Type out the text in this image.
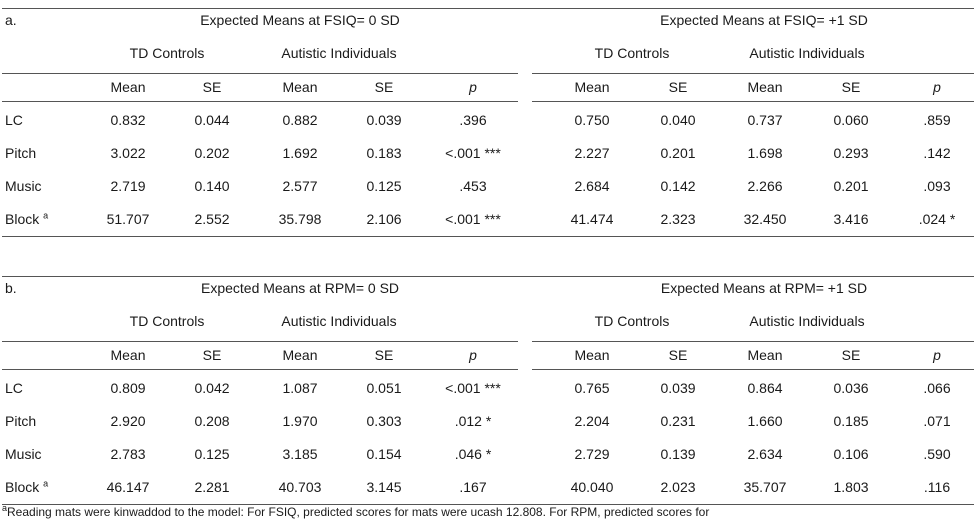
a.	Expected Means at FSIQ= 0 SD	Expected Means at FSIQ= +1 SD
TD Controls	Autistic Individuals	TD Controls	Autistic Individuals
Mean	SE	Mean	SE	p	Mean	SE	Mean	SE	p
LC	0.832	0.044	0.882	0.039	.396	0.750	0.040	0.737	0.060	.859
Pitch	3.022	0.202	1.692	0.183	<.001 ***	2.227	0.201	1.698	0.293	.142
Music	2.719	0.140	2.577	0.125	.453	2.684	0.142	2.266	0.201	.093
Block $^a$	51.707	2.552	35.798	2.106	<.001 ***	41.474	2.323	32.450	3.416	.024 *
b.	Expected Means at RPM= 0 SD	Expected Means at RPM= +1 SD
TD Controls	Autistic Individuals	TD Controls	Autistic Individuals
Mean	SE	Mean	SE	p	Mean	SE	Mean	SE	p
LC	0.809	0.042	1.087	0.051	<.001 ***	0.765	0.039	0.864	0.036	.066
Pitch	2.920	0.208	1.970	0.303	.012 *	2.204	0.231	1.660	0.185	.071
Music	2.783	0.125	3.185	0.154	.046 *	2.729	0.139	2.634	0.106	.590
Block $^a$	46.147	2.281	40.703	3.145	.167	40.040	2.023	35.707	1.803	.116
$^a$Reading mats were kinwaddod to the model: For FSIQ, predicted scores for mats were ucash 12.808. For RPM, predicted scores for
